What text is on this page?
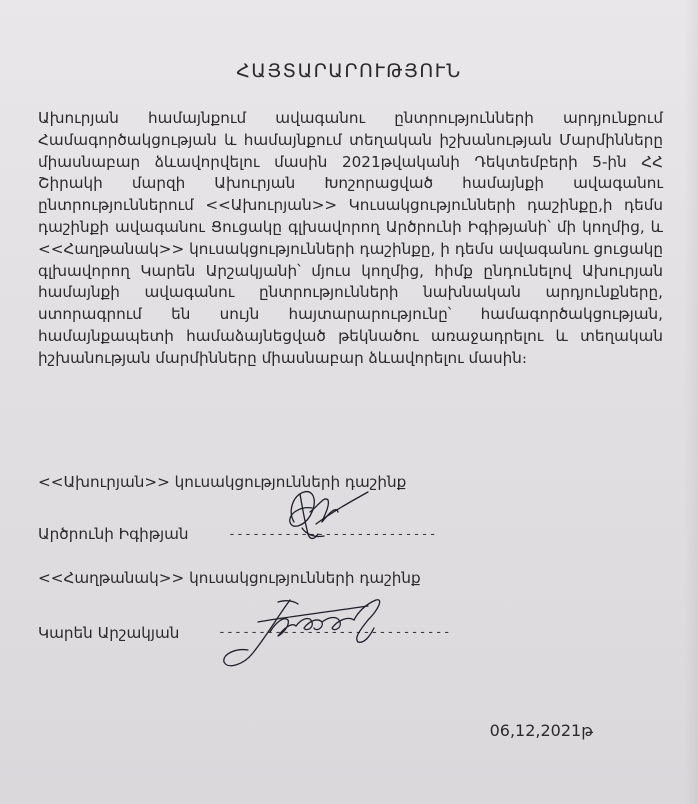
ՀԱՅՏԱՐԱՐՈՒԹՅՈՒՆ
Ախուրյան համայնքում ավագանու ընտրությունների արդյունքում Համագործակցության և համայնքում տեղական իշխանության Մարմինները միասնաբար ձևավորվելու մասին 2021թվականի Դեկտեմբերի 5-ին ՀՀ Շիրակի մարզի Ախուրյան Խոշորացված համայնքի ավագանու ընտրություններում <<Ախուրյան>> Կուսակցությունների դաշինքը,ի դեմս դաշինքի ավագանու Ցուցակը գլխավորող Արծրունի Իգիթյանի՝ մի կողմից, և <<Հաղթանակ>> կուսակցությունների դաշինքը, ի դեմս ավագանու ցուցակը գլխավորող Կարեն Արշակյանի՝ մյուս կողմից, հիմք ընդունելով Ախուրյան համայնքի ավագանու ընտրությունների նախնական արդյունքները, ստորագրում են սույն հայտարարությունը՝ համագործակցության, համայնքապետի համաձայնեցված թեկնածու առաջադրելու և տեղական իշխանության մարմինները միասնաբար ձևավորելու մասին։
<<Ախուրյան>> կուսակցությունների դաշինք
Արծրունի Իգիթյան	--------------------------
<<Հաղթանակ>> կուսակցությունների դաշինք
Կարեն Արշակյան	-----------------------------
06,12,2021թ
